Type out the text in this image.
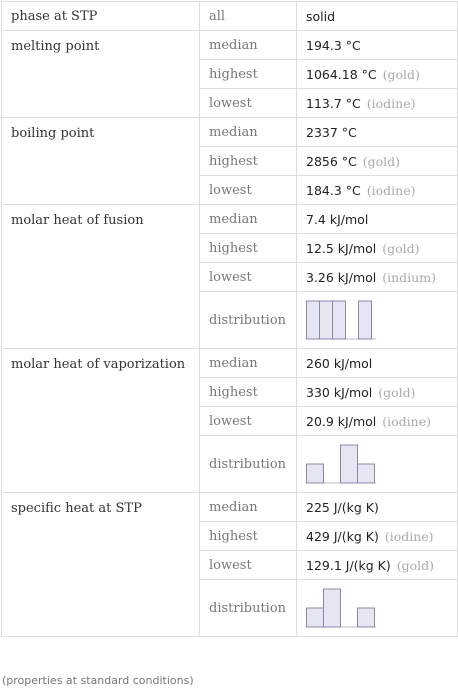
phase at STP	all	solid
melting point	median	194.3 °C
	highest	1064.18 °C (gold)
	lowest	113.7 °C (iodine)
boiling point	median	2337 °C
	highest	2856 °C (gold)
	lowest	184.3 °C (iodine)
molar heat of fusion	median	7.4 kJ/mol
	highest	12.5 kJ/mol (gold)
	lowest	3.26 kJ/mol (indium)
	distribution	

molar heat of vaporization	median	260 kJ/mol
	highest	330 kJ/mol (gold)
	lowest	20.9 kJ/mol (iodine)
	distribution	

specific heat at STP	median	225 J/(kg K)
	highest	429 J/(kg K) (iodine)
	lowest	129.1 J/(kg K) (gold)
	distribution	
(properties at standard conditions)
